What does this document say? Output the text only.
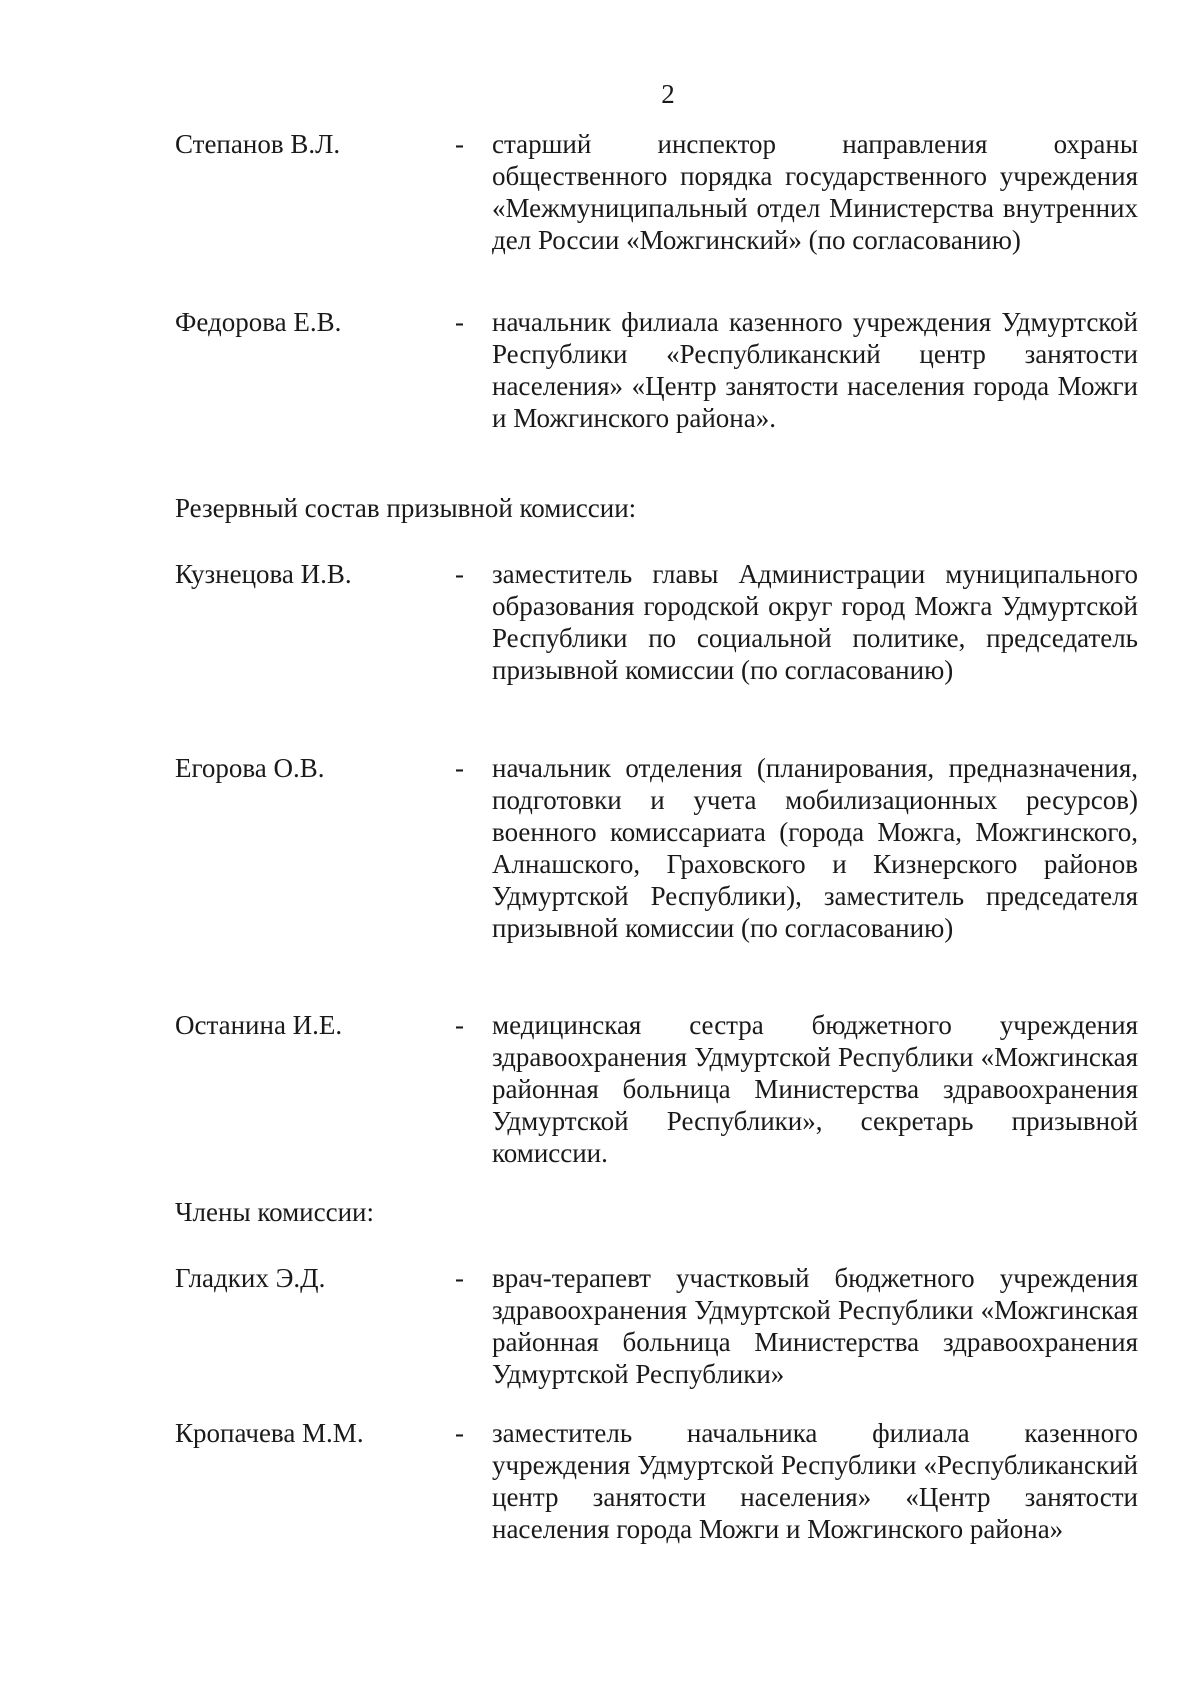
2
Степанов В.Л.	- старший инспектор направления охраны общественного порядка государственного учреждения «Межмуниципальный отдел Министерства внутренних дел России «Можгинский» (по согласованию)
Федорова Е.В.	- начальник филиала казенного учреждения Удмуртской Республики «Республиканский центр занятости населения» «Центр занятости населения города Можги и Можгинского района».
Резервный состав призывной комиссии:
Кузнецова И.В.	- заместитель главы Администрации муниципального образования городской округ город Можга Удмуртской Республики по социальной политике, председатель призывной комиссии (по согласованию)
Егорова О.В.	- начальник отделения (планирования, предназначения, подготовки и учета мобилизационных ресурсов) военного комиссариата (города Можга, Можгинского, Алнашского, Граховского и Кизнерского районов Удмуртской Республики), заместитель председателя призывной комиссии (по согласованию)
Останина И.Е.	- медицинская сестра бюджетного учреждения здравоохранения Удмуртской Республики «Можгинская районная больница Министерства здравоохранения Удмуртской Республики», секретарь призывной комиссии.
Члены комиссии:
Гладких Э.Д.	- врач-терапевт участковый бюджетного учреждения здравоохранения Удмуртской Республики «Можгинская районная больница Министерства здравоохранения Удмуртской Республики»
Кропачева М.М.	- заместитель начальника филиала казенного учреждения Удмуртской Республики «Республиканский центр занятости населения» «Центр занятости населения города Можги и Можгинского района»
